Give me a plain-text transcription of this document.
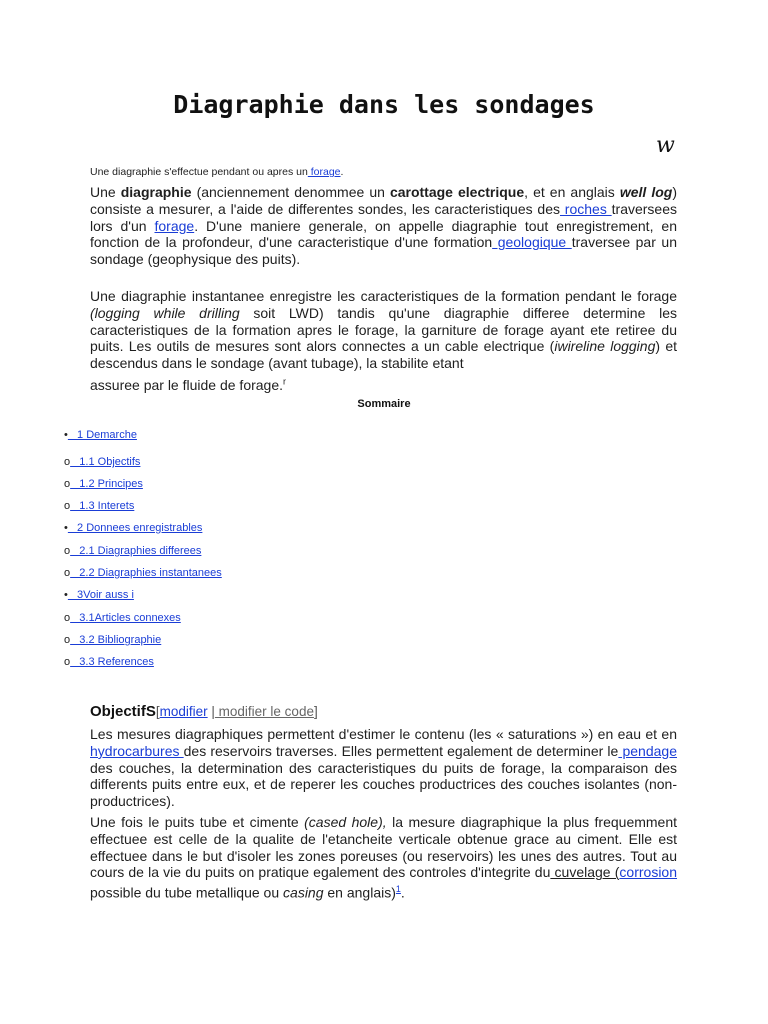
Diagraphie dans les sondages
w
Une diagraphie s'effectue pendant ou apres un forage.
Une diagraphie (anciennement denommee un carottage electrique, et en anglais well log) consiste a mesurer, a l'aide de differentes sondes, les caracteristiques des roches traversees lors d'un forage. D'une maniere generale, on appelle diagraphie tout enregistrement, en fonction de la profondeur, d'une caracteristique d'une formation geologique traversee par un sondage (geophysique des puits).
Une diagraphie instantanee enregistre les caracteristiques de la formation pendant le forage (logging while drilling soit LWD) tandis qu'une diagraphie differee determine les caracteristiques de la formation apres le forage, la garniture de forage ayant ete retiree du puits. Les outils de mesures sont alors connectes a un cable electrique (iwireline logging) et descendus dans le sondage (avant tubage), la stabilite etant
assuree par le fluide de forage.$^r$
Sommaire
•   1 Demarche
o   1.1 Objectifs
o   1.2 Principes
o   1.3 Interets
•   2 Donnees enregistrables
o   2.1 Diagraphies differees
o   2.2 Diagraphies instantanees
•   3Voir auss i
o   3.1Articles connexes
o   3.2 Bibliographie
o   3.3 References
ObjectifS[modifier | modifier le code]
Les mesures diagraphiques permettent d'estimer le contenu (les « saturations ») en eau et en hydrocarbures des reservoirs traverses. Elles permettent egalement de determiner le pendage des couches, la determination des caracteristiques du puits de forage, la comparaison des differents puits entre eux, et de reperer les couches productrices des couches isolantes (non-productrices).
Une fois le puits tube et cimente (cased hole), la mesure diagraphique la plus frequemment effectuee est celle de la qualite de l'etancheite verticale obtenue grace au ciment. Elle est effectuee dans le but d'isoler les zones poreuses (ou reservoirs) les unes des autres. Tout au cours de la vie du puits on pratique egalement des controles d'integrite du cuvelage (corrosion possible du tube metallique ou casing en anglais)$^1$.
